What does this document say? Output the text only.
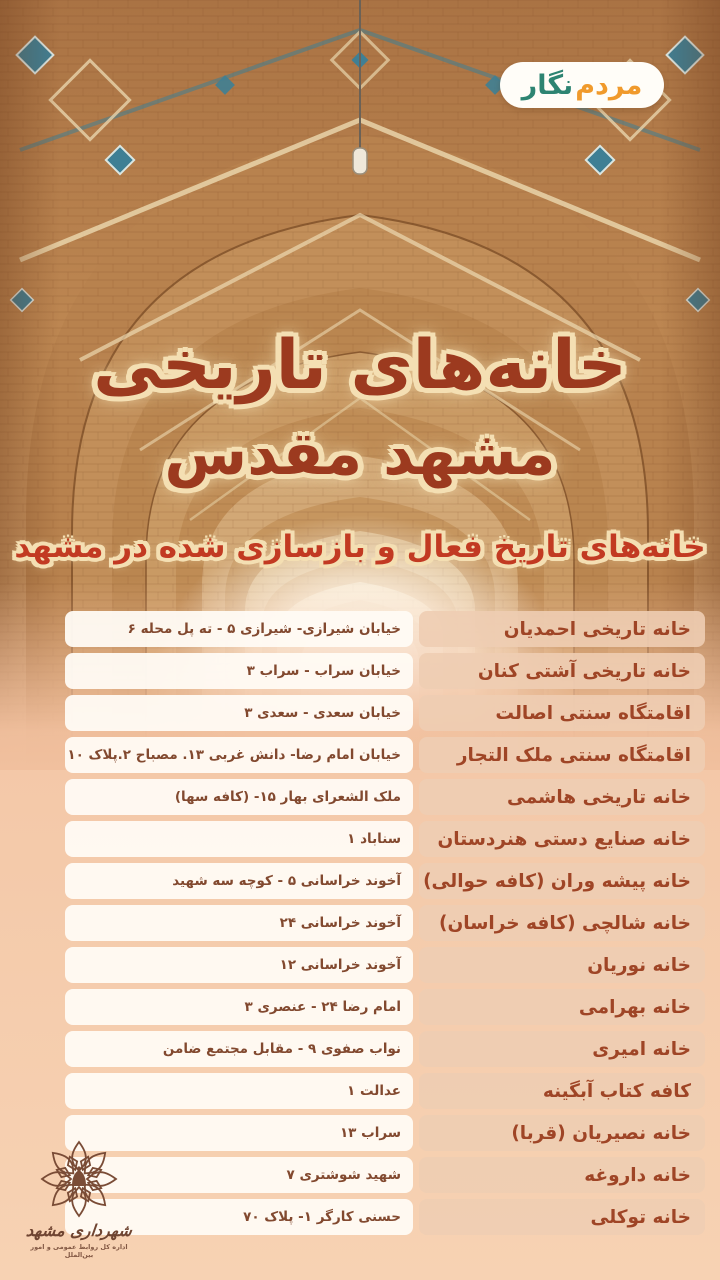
مردم
نگار
خانه‌های تاریخی
مشهد مقدس
خانه‌های تاریخ فعال و بازسازی شده در مشهد
خانه تاریخی احمدیان
خیابان شیرازی- شیرازی ۵ - ته پل محله ۶
خانه تاریخی آشتی کنان
خیابان سراب - سراب ۳
اقامتگاه سنتی اصالت
خیابان سعدی - سعدی ۳
اقامتگاه سنتی ملک التجار
خیابان امام رضا- دانش غربی ۱۳. مصباح ۲.پلاک ۱۰
خانه تاریخی هاشمی
ملک الشعرای بهار ۱۵- (کافه سها)
خانه صنایع دستی هنردستان
سناباد ۱
خانه پیشه وران (کافه حوالی)
آخوند خراسانی ۵ - کوچه سه شهید
خانه شالچی (کافه خراسان)
آخوند خراسانی ۲۴
خانه نوریان
آخوند خراسانی ۱۲
خانه بهرامی
امام رضا ۲۴ - عنصری ۳
خانه امیری
نواب صفوی ۹ - مقابل مجتمع ضامن
کافه کتاب آبگینه
عدالت ۱
خانه نصیریان (قربا)
سراب ۱۳
خانه داروغه
شهید شوشتری ۷
خانه توکلی
حسنی کارگر ۱- پلاک ۷۰
شهرداری مشهد
اداره کل روابط عمومی و امور بین‌الملل
